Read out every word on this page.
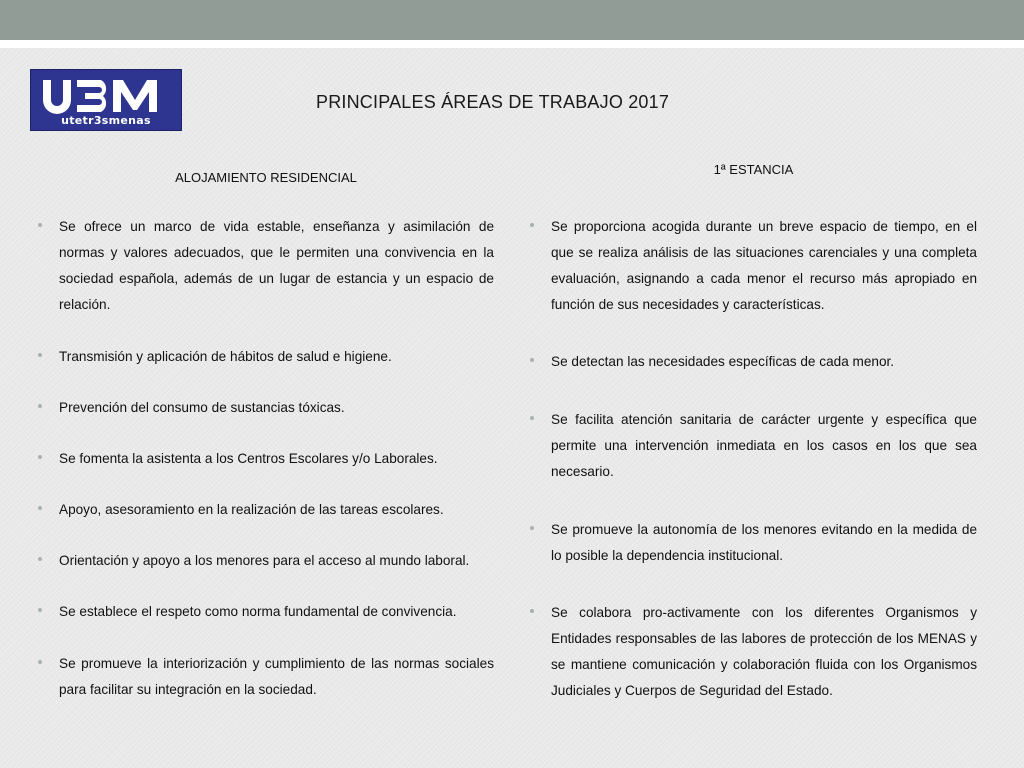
utetr3smenas
PRINCIPALES ÁREAS DE TRABAJO 2017
ALOJAMIENTO RESIDENCIAL
Se ofrece un marco de vida estable, enseñanza y asimilación de normas y valores adecuados, que le permiten una convivencia en la sociedad española, además de un lugar de estancia y un espacio de relación.
Transmisión y aplicación de hábitos de salud e higiene.
Prevención del consumo de sustancias tóxicas.
Se fomenta la asistenta a los Centros Escolares y/o Laborales.
Apoyo, asesoramiento en la realización de las tareas escolares.
Orientación y apoyo a los menores para el acceso al mundo laboral.
Se establece el respeto como norma fundamental de convivencia.
Se promueve la interiorización y cumplimiento de las normas sociales para facilitar su integración en la sociedad.
1ª ESTANCIA
Se proporciona acogida durante un breve espacio de tiempo, en el que se realiza análisis de las situaciones carenciales y una completa evaluación, asignando a cada menor el recurso más apropiado en función de sus necesidades y características.
Se detectan las necesidades específicas de cada menor.
Se facilita atención sanitaria de carácter urgente y específica que permite una intervención inmediata en los casos en los que sea necesario.
Se promueve la autonomía de los menores evitando en la medida de lo posible la dependencia institucional.
Se colabora pro-activamente con los diferentes Organismos y Entidades responsables de las labores de protección de los MENAS y se mantiene comunicación y colaboración fluida con los Organismos Judiciales y Cuerpos de Seguridad del Estado.
